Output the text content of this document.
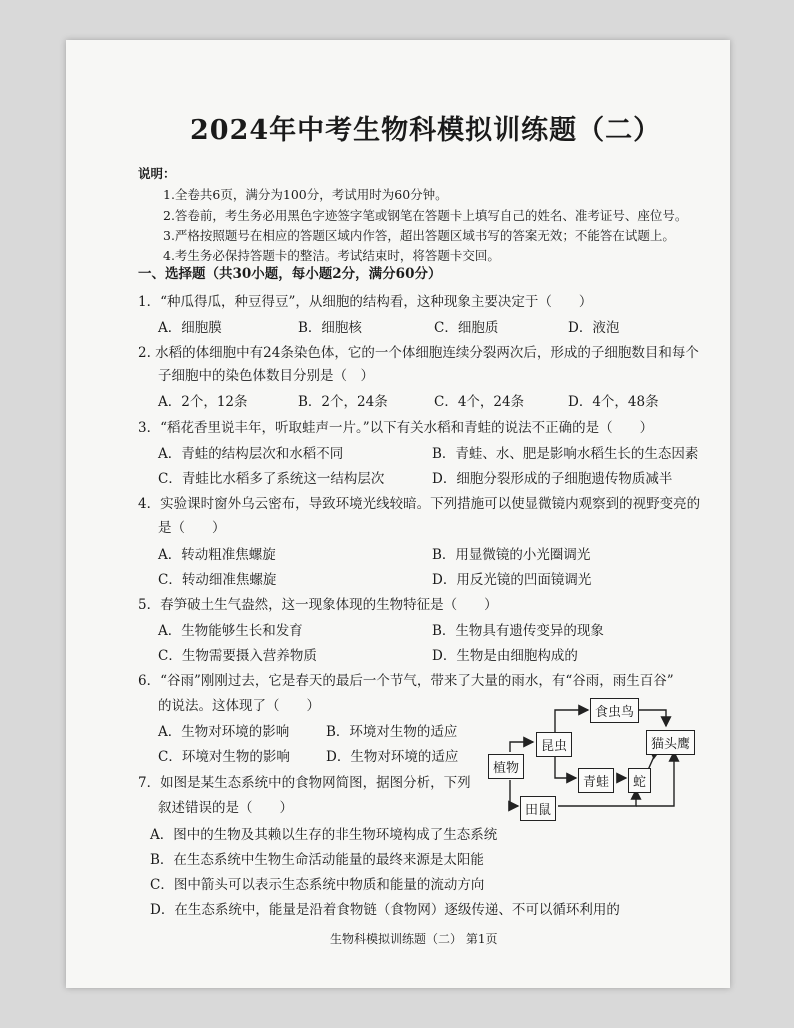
2024年中考生物科模拟训练题（二）
说明：
1.全卷共6页，满分为100分，考试用时为60分钟。
2.答卷前，考生务必用黑色字迹签字笔或钢笔在答题卡上填写自己的姓名、准考证号、座位号。
3.严格按照题号在相应的答题区域内作答，超出答题区域书写的答案无效；不能答在试题上。
4.考生务必保持答题卡的整洁。考试结束时，将答题卡交回。
一、选择题（共30小题，每小题2分，满分60分）
1．“种瓜得瓜，种豆得豆”，从细胞的结构看，这种现象主要决定于（　　）
A．细胞膜	B．细胞核	C．细胞质	D．液泡
2. 水稻的体细胞中有24条染色体，它的一个体细胞连续分裂两次后，形成的子细胞数目和每个
子细胞中的染色体数目分别是（　）
A．2个，12条	B．2个，24条	C．4个，24条	D．4个，48条
3．“稻花香里说丰年，听取蛙声一片。”以下有关水稻和青蛙的说法不正确的是（　　）
A．青蛙的结构层次和水稻不同	B．青蛙、水、肥是影响水稻生长的生态因素
C．青蛙比水稻多了系统这一结构层次	D．细胞分裂形成的子细胞遗传物质减半
4．实验课时窗外乌云密布，导致环境光线较暗。下列措施可以使显微镜内观察到的视野变亮的
是（　　）
A．转动粗准焦螺旋	B．用显微镜的小光圈调光
C．转动细准焦螺旋	D．用反光镜的凹面镜调光
5．春笋破土生气盎然，这一现象体现的生物特征是（　　）
A．生物能够生长和发育	B．生物具有遗传变异的现象
C．生物需要摄入营养物质	D．生物是由细胞构成的
6．“谷雨”刚刚过去，它是春天的最后一个节气，带来了大量的雨水，有“谷雨，雨生百谷”
的说法。这体现了（　　）
A．生物对环境的影响	B．环境对生物的适应
C．环境对生物的影响	D．生物对环境的适应
7．如图是某生态系统中的食物网简图，据图分析，下列
叙述错误的是（　　）
A．图中的生物及其赖以生存的非生物环境构成了生态系统
B．在生态系统中生物生命活动能量的最终来源是太阳能
C．图中箭头可以表示生态系统中物质和能量的流动方向
D．在生态系统中，能量是沿着食物链（食物网）逐级传递、不可以循环利用的
植物
昆虫
食虫鸟
猫头鹰
青蛙	蛇
田鼠
生物科模拟训练题（二） 第1页
